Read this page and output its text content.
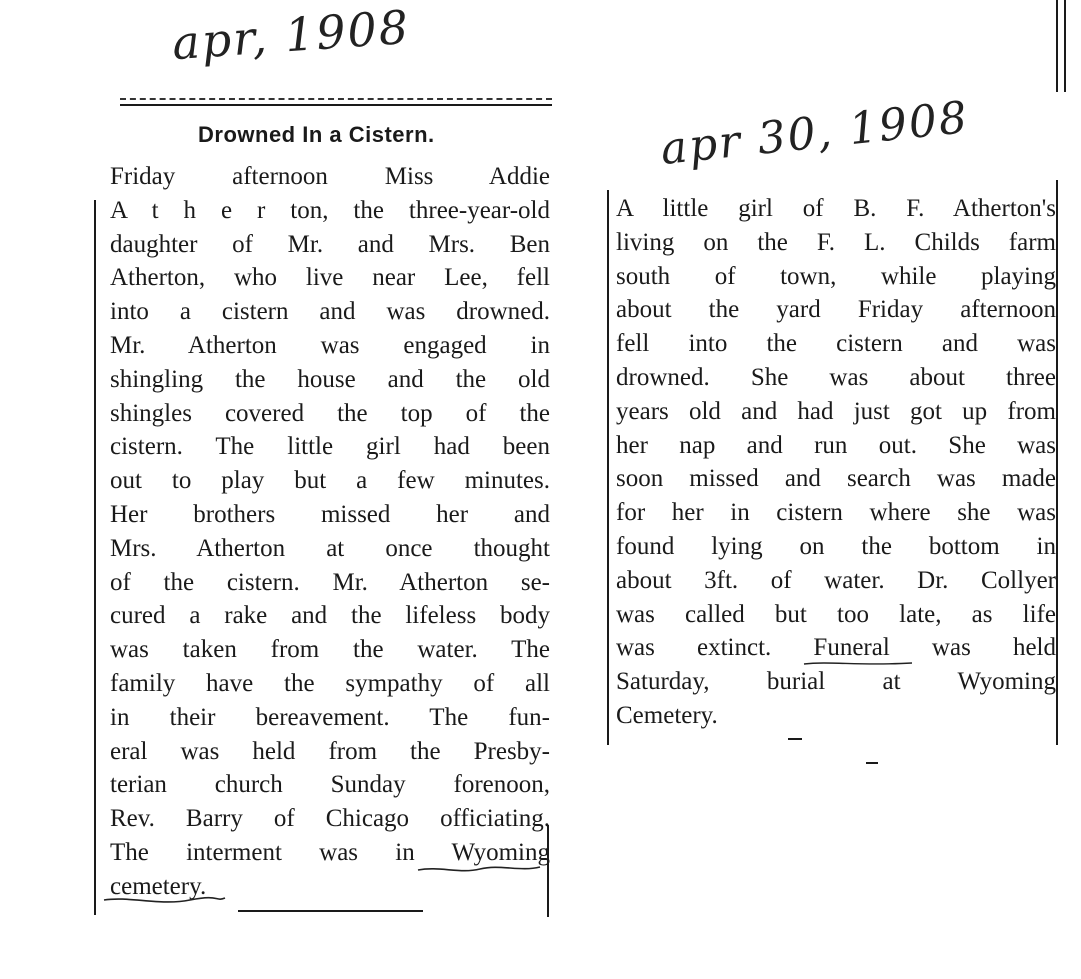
apr, 1908
apr 30, 1908
Drowned In a Cistern.
Friday afternoon Miss Addie
A t h e r ton, the three-year-old
daughter of Mr. and Mrs. Ben
Atherton, who live near Lee, fell
into a cistern and was drowned.
Mr. Atherton was engaged in
shingling the house and the old
shingles covered the top of the
cistern. The little girl had been
out to play but a few minutes.
Her brothers missed her and
Mrs. Atherton at once thought
of the cistern. Mr. Atherton se-
cured a rake and the lifeless body
was taken from the water. The
family have the sympathy of all
in their bereavement. The fun-
eral was held from the Presby-
terian church Sunday forenoon,
Rev. Barry of Chicago officiating.
The interment was in Wyoming
cemetery.
A little girl of B. F. Atherton's
living on the F. L. Childs farm
south of town, while playing
about the yard Friday afternoon
fell into the cistern and was
drowned. She was about three
years old and had just got up from
her nap and run out. She was
soon missed and search was made
for her in cistern where she was
found lying on the bottom in
about 3ft. of water. Dr. Collyer
was called but too late, as life
was extinct. Funeral was held
Saturday, burial at Wyoming
Cemetery.
